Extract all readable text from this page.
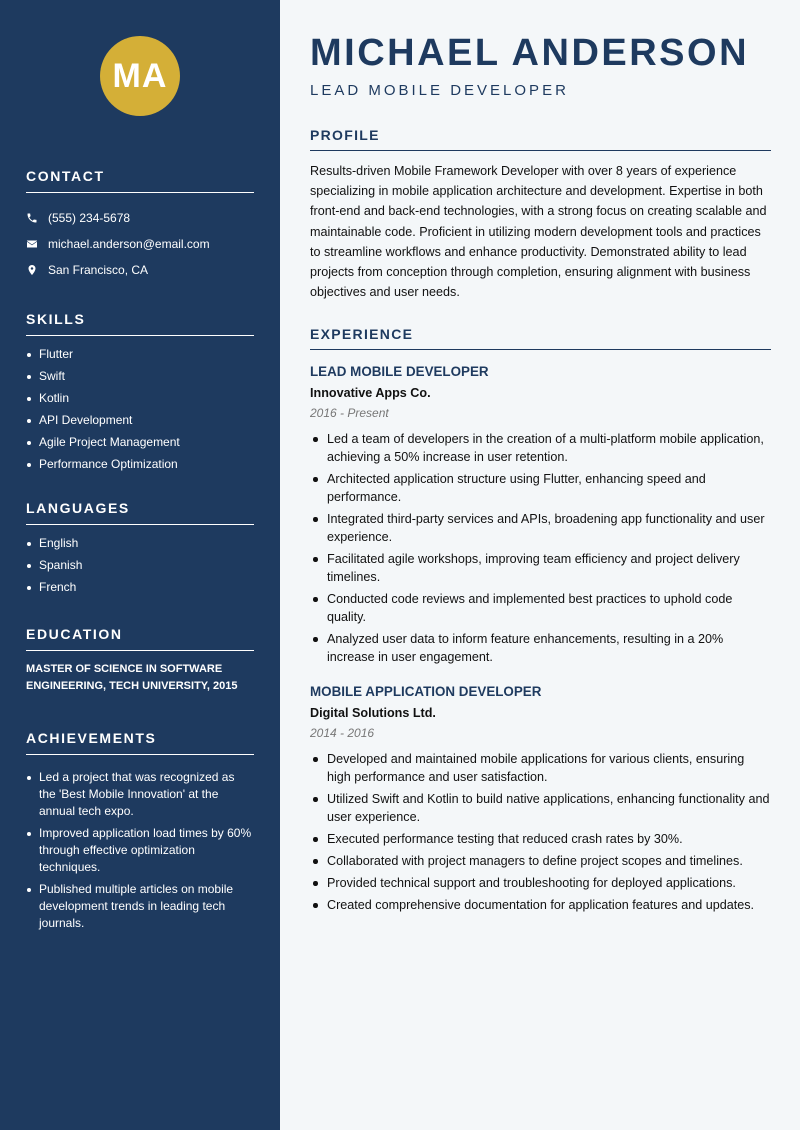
MA
CONTACT
(555) 234-5678
michael.anderson@email.com
San Francisco, CA
SKILLS
Flutter
Swift
Kotlin
API Development
Agile Project Management
Performance Optimization
LANGUAGES
English
Spanish
French
EDUCATION

MASTER OF SCIENCE IN SOFTWARE ENGINEERING, TECH UNIVERSITY, 2015

ACHIEVEMENTS
Led a project that was recognized as the 'Best Mobile Innovation' at the annual tech expo.
Improved application load times by 60% through effective optimization techniques.
Published multiple articles on mobile development trends in leading tech journals.
MICHAEL ANDERSON
LEAD MOBILE DEVELOPER
PROFILE

Results-driven Mobile Framework Developer with over 8 years of experience specializing in mobile application architecture and development. Expertise in both front-end and back-end technologies, with a strong focus on creating scalable and maintainable code. Proficient in utilizing modern development tools and practices to streamline workflows and enhance productivity. Demonstrated ability to lead projects from conception through completion, ensuring alignment with business objectives and user needs.

EXPERIENCE
LEAD MOBILE DEVELOPER
Innovative Apps Co.
2016 - Present
Led a team of developers in the creation of a multi-platform mobile application, achieving a 50% increase in user retention.
Architected application structure using Flutter, enhancing speed and performance.
Integrated third-party services and APIs, broadening app functionality and user experience.
Facilitated agile workshops, improving team efficiency and project delivery timelines.
Conducted code reviews and implemented best practices to uphold code quality.
Analyzed user data to inform feature enhancements, resulting in a 20% increase in user engagement.
MOBILE APPLICATION DEVELOPER
Digital Solutions Ltd.
2014 - 2016
Developed and maintained mobile applications for various clients, ensuring high performance and user satisfaction.
Utilized Swift and Kotlin to build native applications, enhancing functionality and user experience.
Executed performance testing that reduced crash rates by 30%.
Collaborated with project managers to define project scopes and timelines.
Provided technical support and troubleshooting for deployed applications.
Created comprehensive documentation for application features and updates.
